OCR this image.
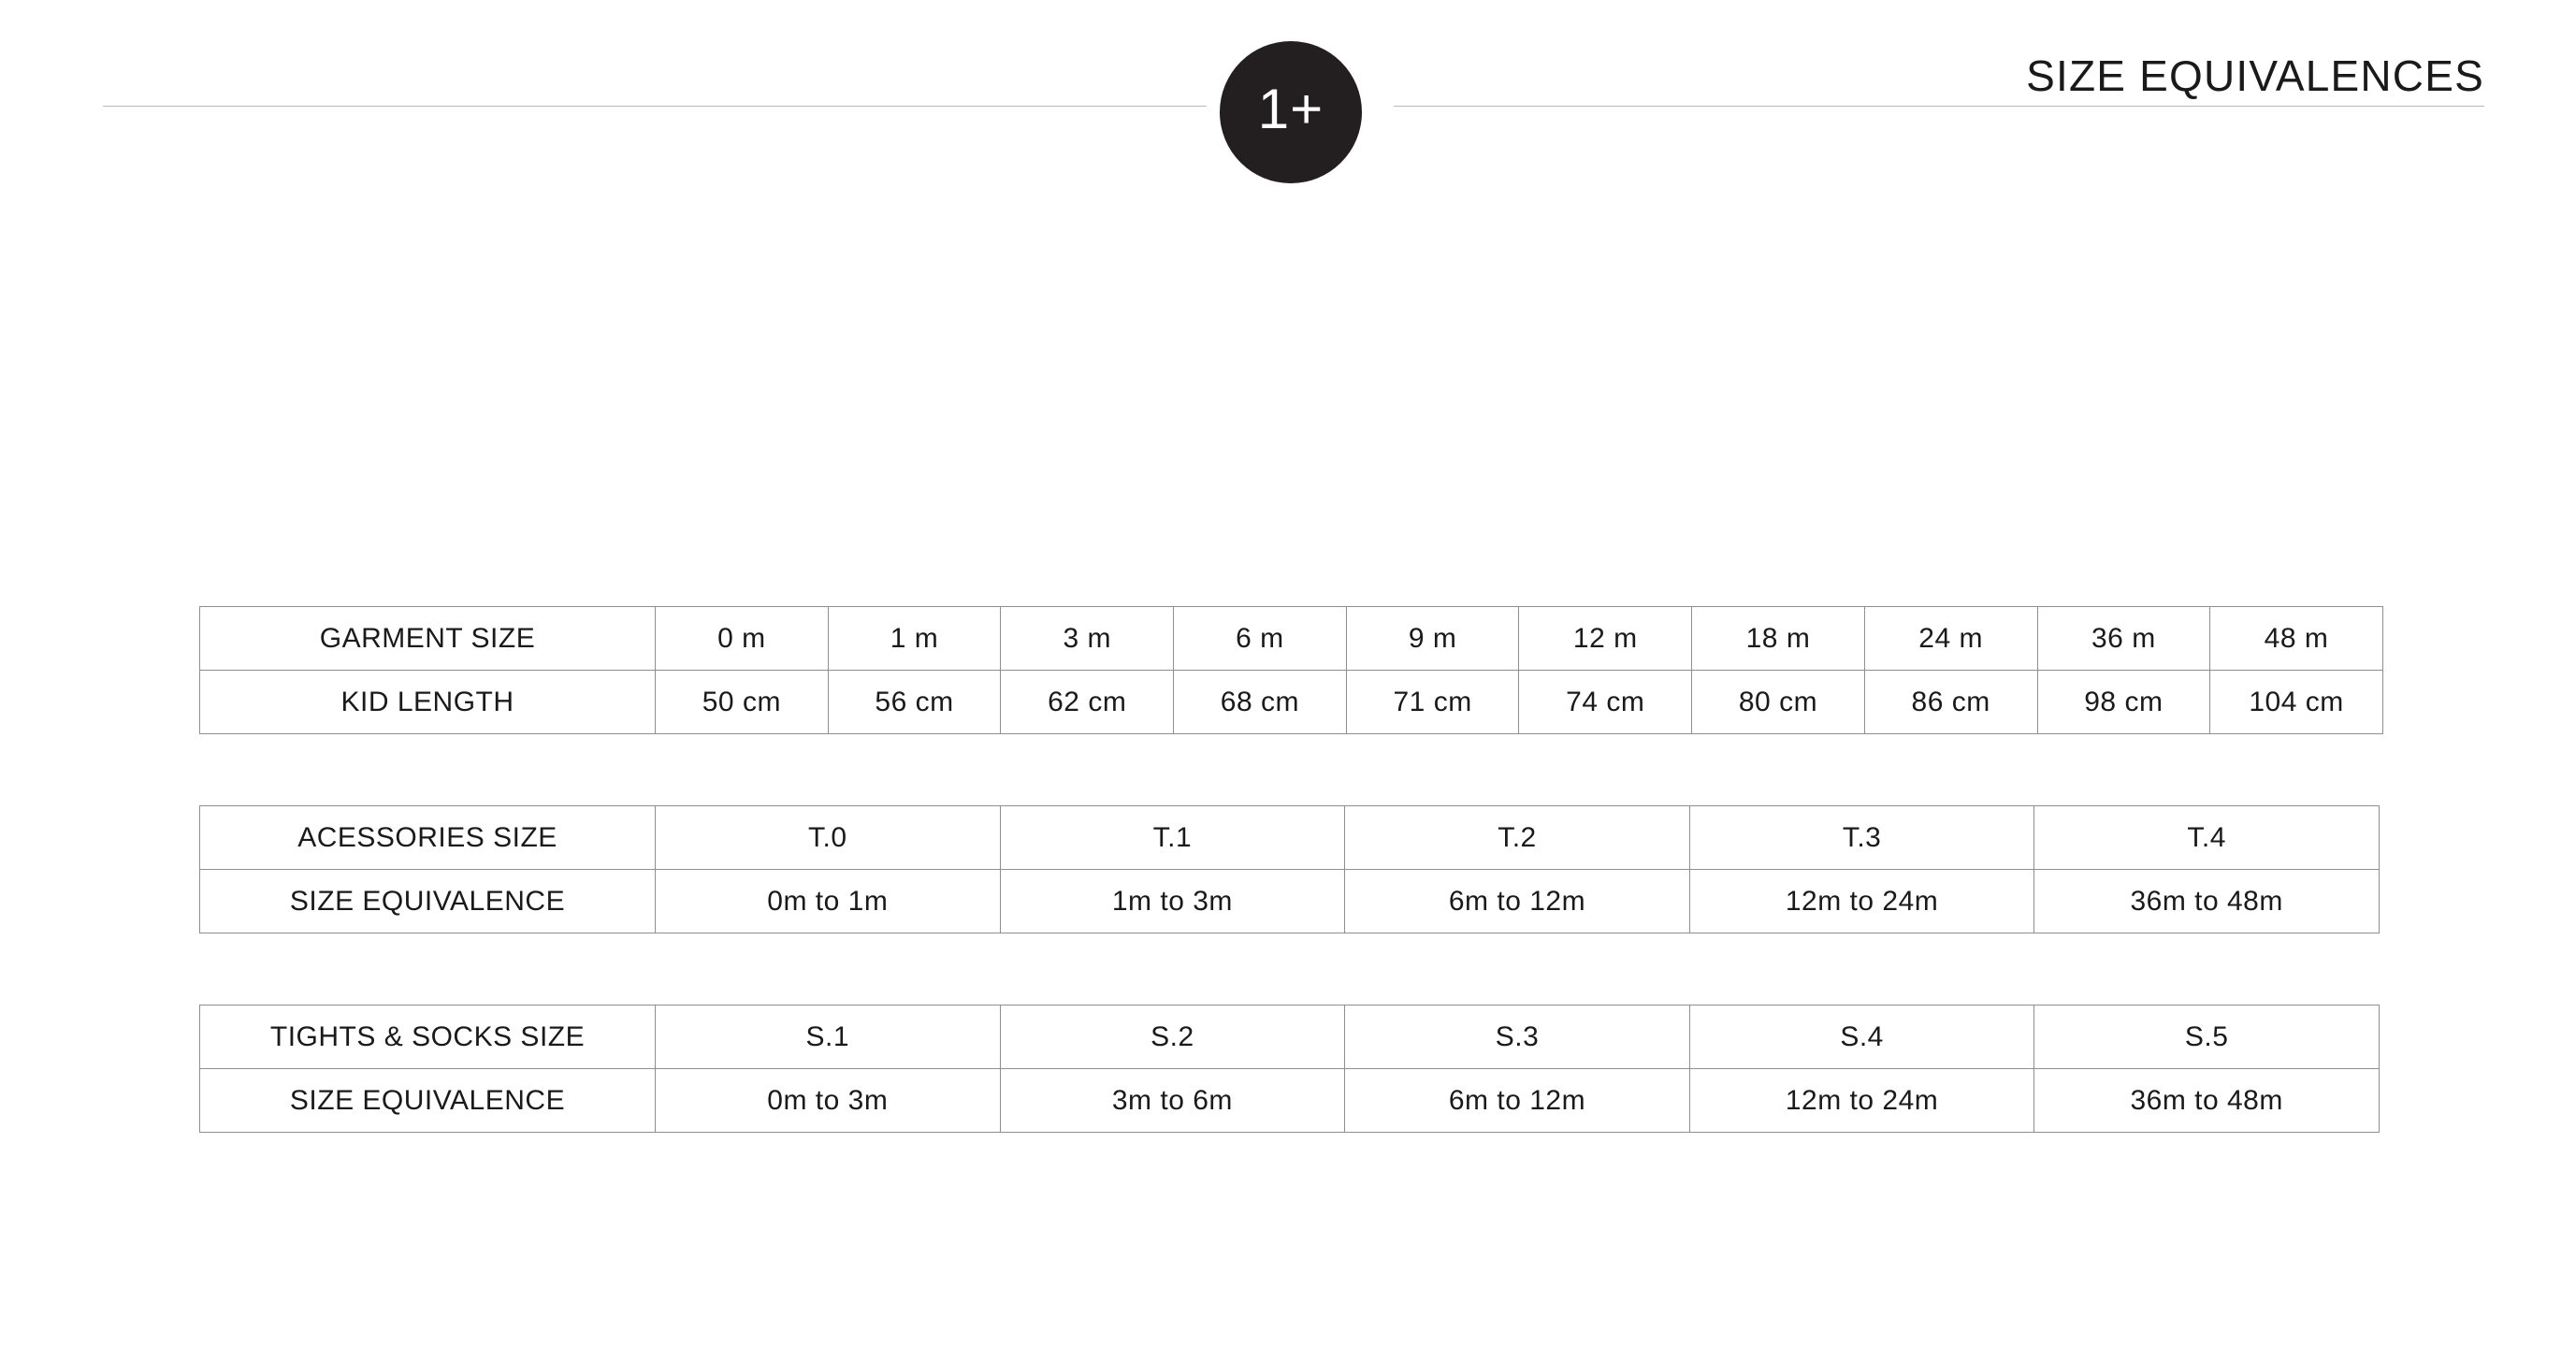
1+
SIZE EQUIVALENCES
GARMENT SIZE	0 m	1 m	3 m	6 m	9 m	12 m	18 m	24 m	36 m	48 m
KID LENGTH	50 cm	56 cm	62 cm	68 cm	71 cm	74 cm	80 cm	86 cm	98 cm	104 cm
ACESSORIES SIZE	T.0	T.1	T.2	T.3	T.4
SIZE EQUIVALENCE	0m to 1m	1m to 3m	6m to 12m	12m to 24m	36m to 48m
TIGHTS & SOCKS SIZE	S.1	S.2	S.3	S.4	S.5
SIZE EQUIVALENCE	0m to 3m	3m to 6m	6m to 12m	12m to 24m	36m to 48m
